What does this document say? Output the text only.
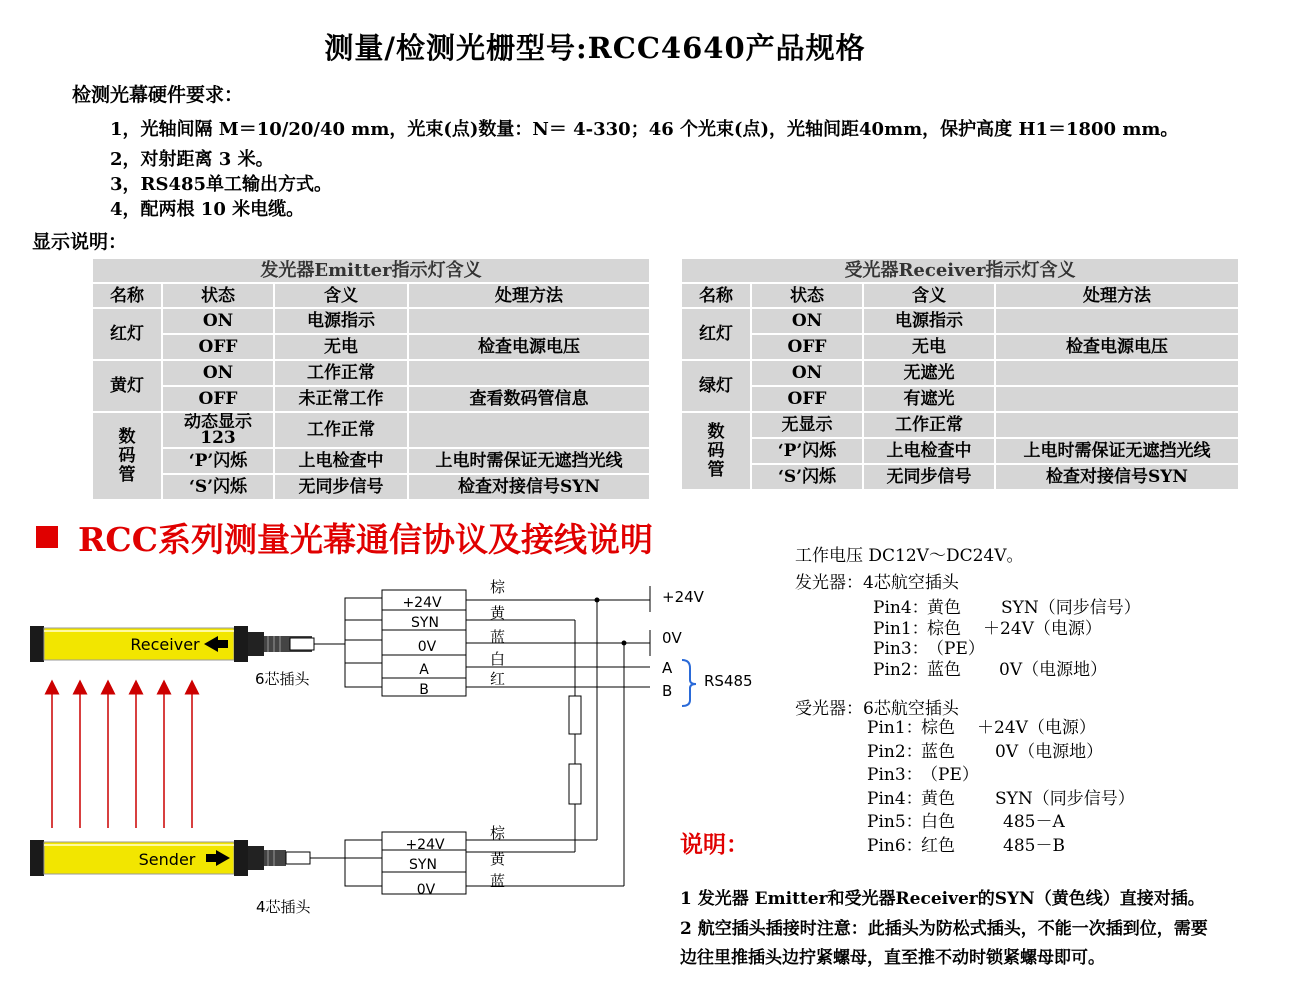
测量/检测光栅型号:RCC4640产品规格
检测光幕硬件要求：
1，光轴间隔 M＝10/20/40 mm，光束(点)数量：N＝ 4-330；46 个光束(点)，光轴间距40mm，保护高度 H1＝1800 mm。
2，对射距离 3 米。
3，RS485单工输出方式。
4，配两根 10 米电缆。
显示说明：
发光器Emitter指示灯含义			
名称	状态	含义	处理方法
红灯	ON	电源指示	
	OFF	无电	检查电源电压
黄灯	ON	工作正常	
	OFF	未正常工作	查看数码管信息

数码管	动态显示123	工作正常	
	‘P’闪烁	上电检查中	上电时需保证无遮挡光线
	‘S’闪烁	无同步信号	检查对接信号SYN
受光器Receiver指示灯含义			
名称	状态	含义	处理方法
红灯	ON	电源指示	
	OFF	无电	检查电源电压
绿灯	ON	无遮光	
	OFF	有遮光	

数码管	无显示	工作正常	
	‘P’闪烁	上电检查中	上电时需保证无遮挡光线
	‘S’闪烁	无同步信号	检查对接信号SYN
RCC系列测量光幕通信协议及接线说明
Receiver
6芯插头
Sender
4芯插头
+24V
SYN
0V
A
B
棕
黄
蓝
白
红
+24V
0V
A
B
RS485
+24V
SYN
0V
棕
黄
蓝
工作电压 DC12V～DC24V。
发光器：4芯航空插头
Pin4：黄色 SYN（同步信号）
Pin1：棕色 ＋24V（电源）
Pin3：（PE）
Pin2：蓝色 0V（电源地）
受光器：6芯航空插头
Pin1：棕色 ＋24V（电源）
Pin2：蓝色 0V（电源地）
Pin3：（PE）
Pin4：黄色 SYN（同步信号）
Pin5：白色	485－A
Pin6：红色	485－B
说明：
1 发光器 Emitter和受光器Receiver的SYN（黄色线）直接对插。
2 航空插头插接时注意：此插头为防松式插头，不能一次插到位，需要
边往里推插头边拧紧螺母，直至推不动时锁紧螺母即可。
